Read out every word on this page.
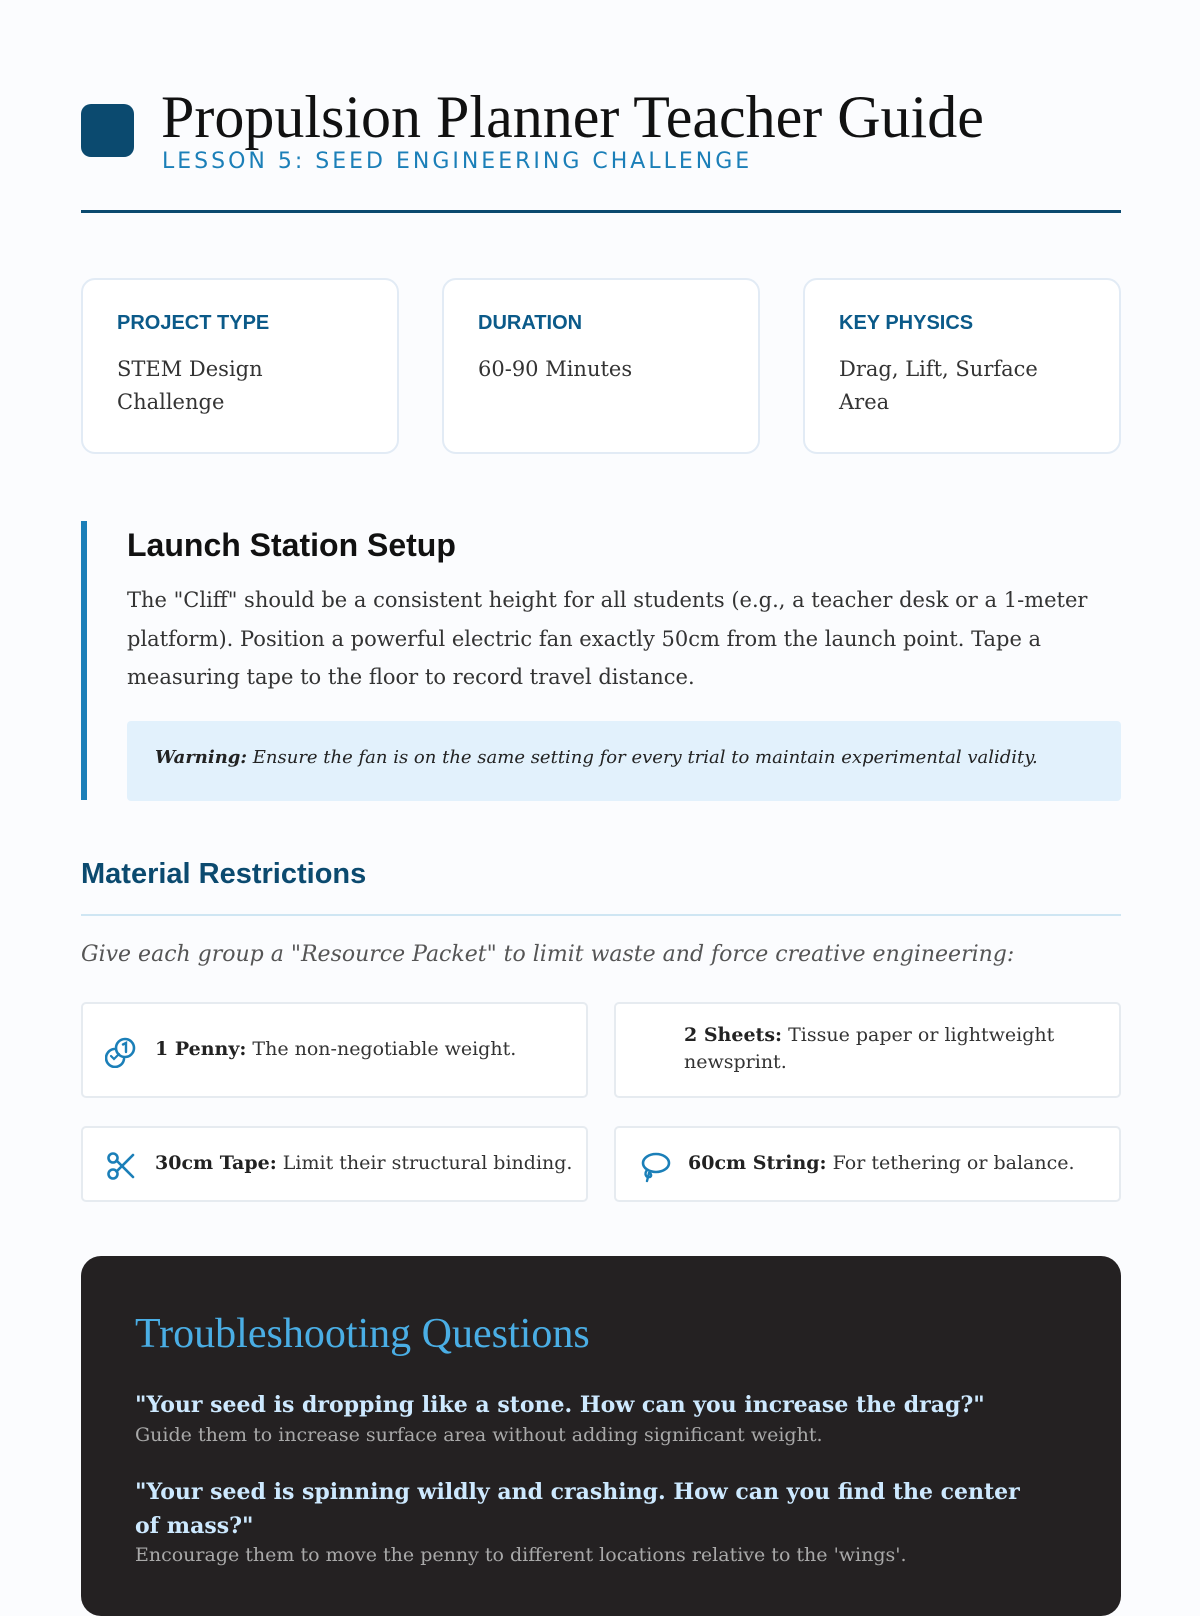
Propulsion Planner Teacher Guide
LESSON 5: SEED ENGINEERING CHALLENGE
PROJECT TYPE
STEM Design Challenge
DURATION
60-90 Minutes
KEY PHYSICS
Drag, Lift, Surface Area
Launch Station Setup
The "Cliff" should be a consistent height for all students (e.g., a teacher desk or a 1-meter platform). Position a powerful electric fan exactly 50cm from the launch point. Tape a measuring tape to the floor to record travel distance.
Warning: Ensure the fan is on the same setting for every trial to maintain experimental validity.
Material Restrictions
Give each group a "Resource Packet" to limit waste and force creative engineering:
1 Penny: The non-negotiable weight.
2 Sheets: Tissue paper or lightweight newsprint.
30cm Tape: Limit their structural binding.	60cm String: For tethering or balance.
Troubleshooting Questions
"Your seed is dropping like a stone. How can you increase the drag?"
Guide them to increase surface area without adding significant weight.
"Your seed is spinning wildly and crashing. How can you find the center of mass?"
Encourage them to move the penny to different locations relative to the 'wings'.
